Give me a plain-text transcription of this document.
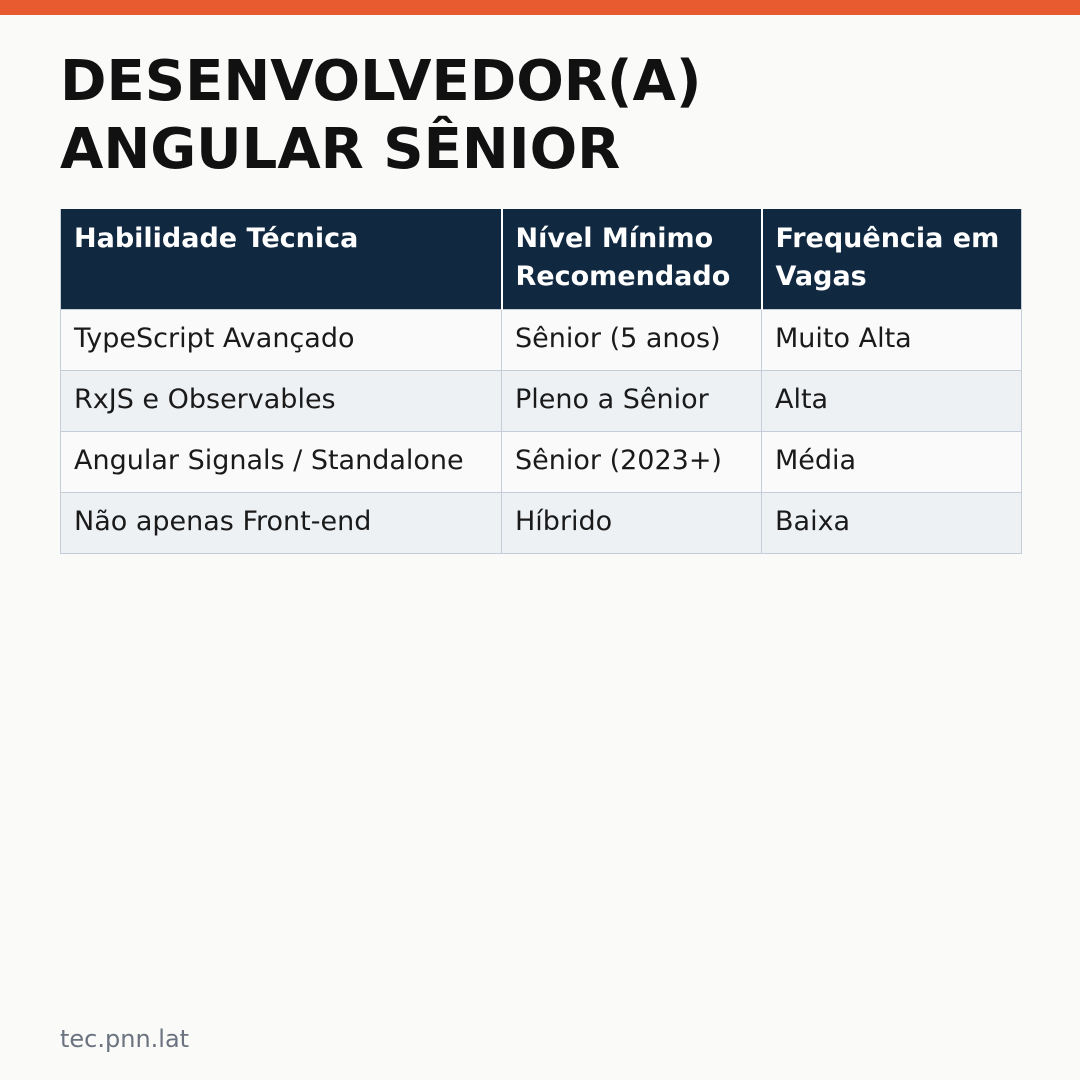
DESENVOLVEDOR(A)
ANGULAR SÊNIOR
Habilidade Técnica	Nível Mínimo Recomendado	Frequência em Vagas
TypeScript Avançado	Sênior (5 anos)	Muito Alta
RxJS e Observables	Pleno a Sênior	Alta
Angular Signals / Standalone	Sênior (2023+)	Média
Não apenas Front-end	Híbrido	Baixa
tec.pnn.lat
